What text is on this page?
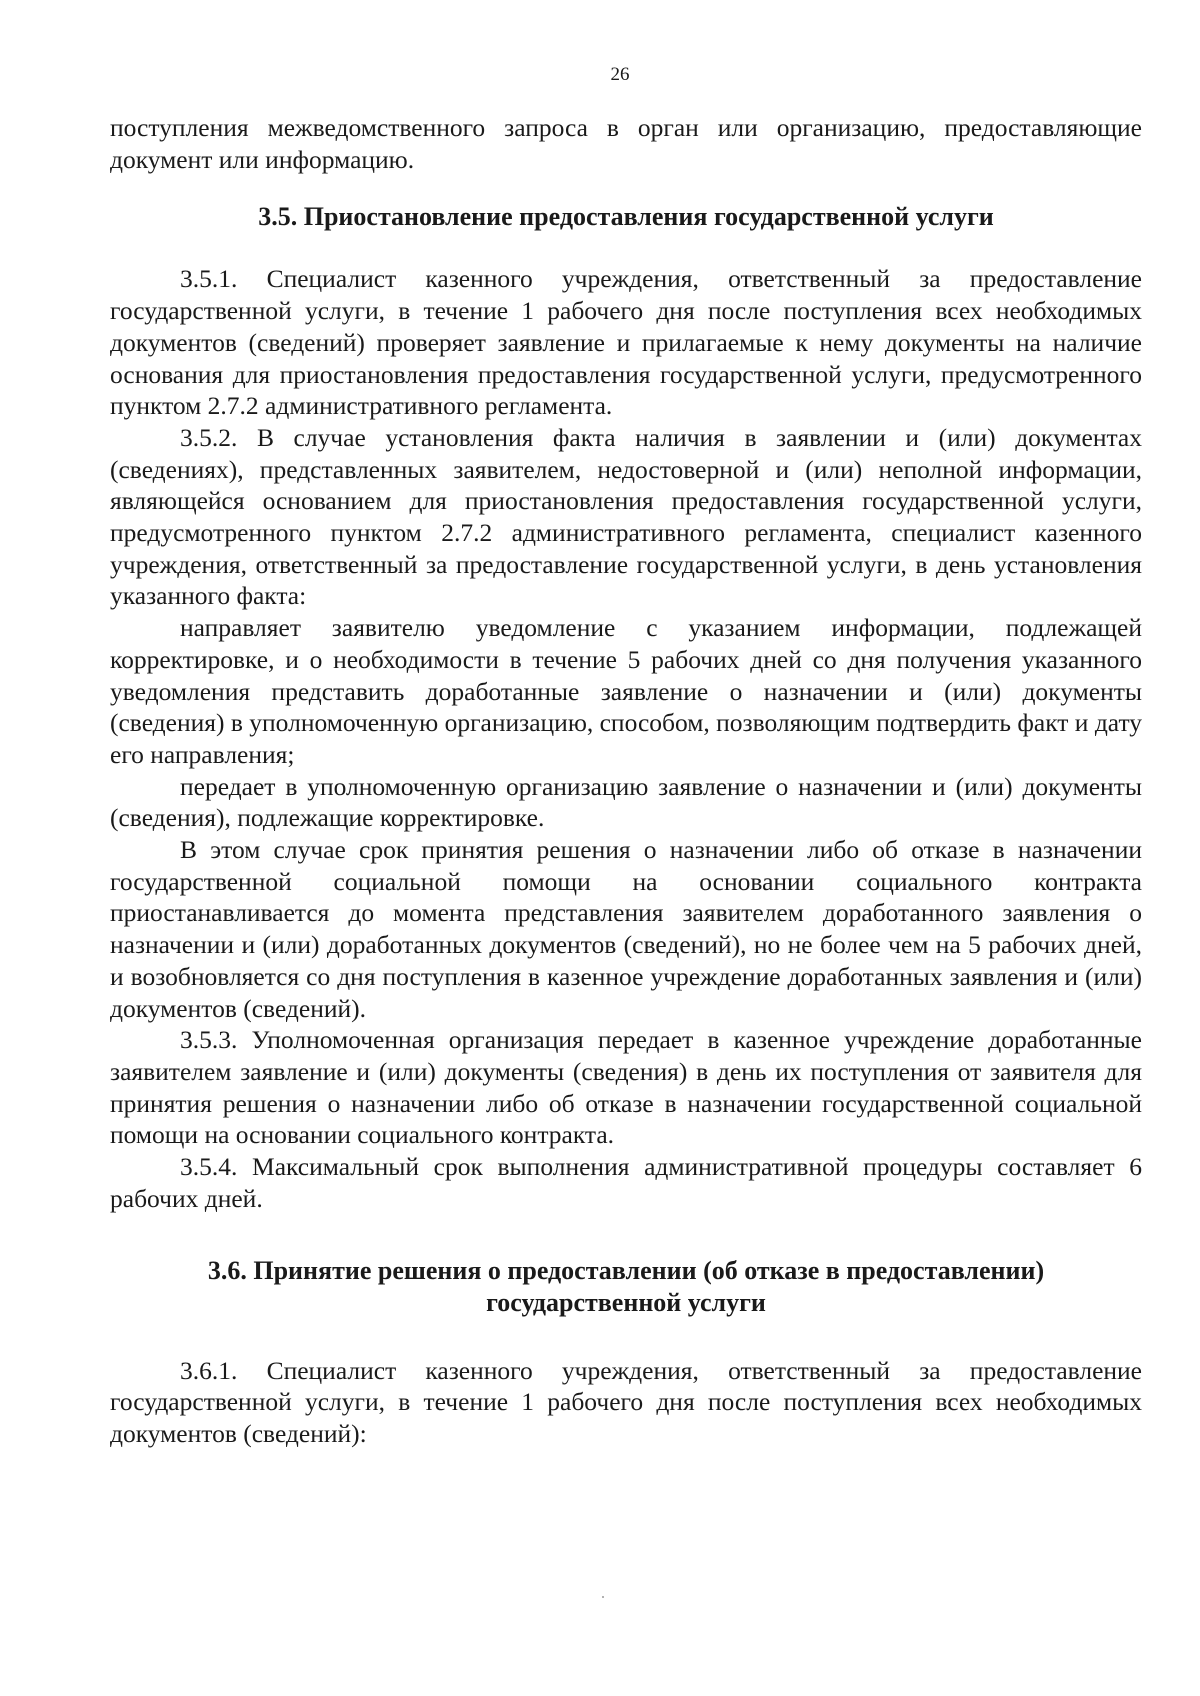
26

поступления межведомственного запроса в орган или организацию, предоставляющие документ или информацию.

3.5. Приостановление предоставления государственной услуги

3.5.1. Специалист казенного учреждения, ответственный за предоставление государственной услуги, в течение 1 рабочего дня после поступления всех необходимых документов (сведений) проверяет заявление и прилагаемые к нему документы на наличие основания для приостановления предоставления государственной услуги, предусмотренного пунктом 2.7.2 административного регламента.

3.5.2. В случае установления факта наличия в заявлении и (или) документах (сведениях), представленных заявителем, недостоверной и (или) неполной информации, являющейся основанием для приостановления предоставления государственной услуги, предусмотренного пунктом 2.7.2 административного регламента, специалист казенного учреждения, ответственный за предоставление государственной услуги, в день установления указанного факта:

направляет заявителю уведомление с указанием информации, подлежащей корректировке, и о необходимости в течение 5 рабочих дней со дня получения указанного уведомления представить доработанные заявление о назначении и (или) документы (сведения) в уполномоченную организацию, способом, позволяющим подтвердить факт и дату его направления;

передает в уполномоченную организацию заявление о назначении и (или) документы (сведения), подлежащие корректировке.

В этом случае срок принятия решения о назначении либо об отказе в назначении государственной социальной помощи на основании социального контракта приостанавливается до момента представления заявителем доработанного заявления о назначении и (или) доработанных документов (сведений), но не более чем на 5 рабочих дней, и возобновляется со дня поступления в казенное учреждение доработанных заявления и (или) документов (сведений).

3.5.3. Уполномоченная организация передает в казенное учреждение доработанные заявителем заявление и (или) документы (сведения) в день их поступления от заявителя для принятия решения о назначении либо об отказе в назначении государственной социальной помощи на основании социального контракта.

3.5.4. Максимальный срок выполнения административной процедуры составляет 6 рабочих дней.

3.6. Принятие решения о предоставлении (об отказе в предоставлении)
государственной услуги

3.6.1. Специалист казенного учреждения, ответственный за предоставление государственной услуги, в течение 1 рабочего дня после поступления всех необходимых документов (сведений):
